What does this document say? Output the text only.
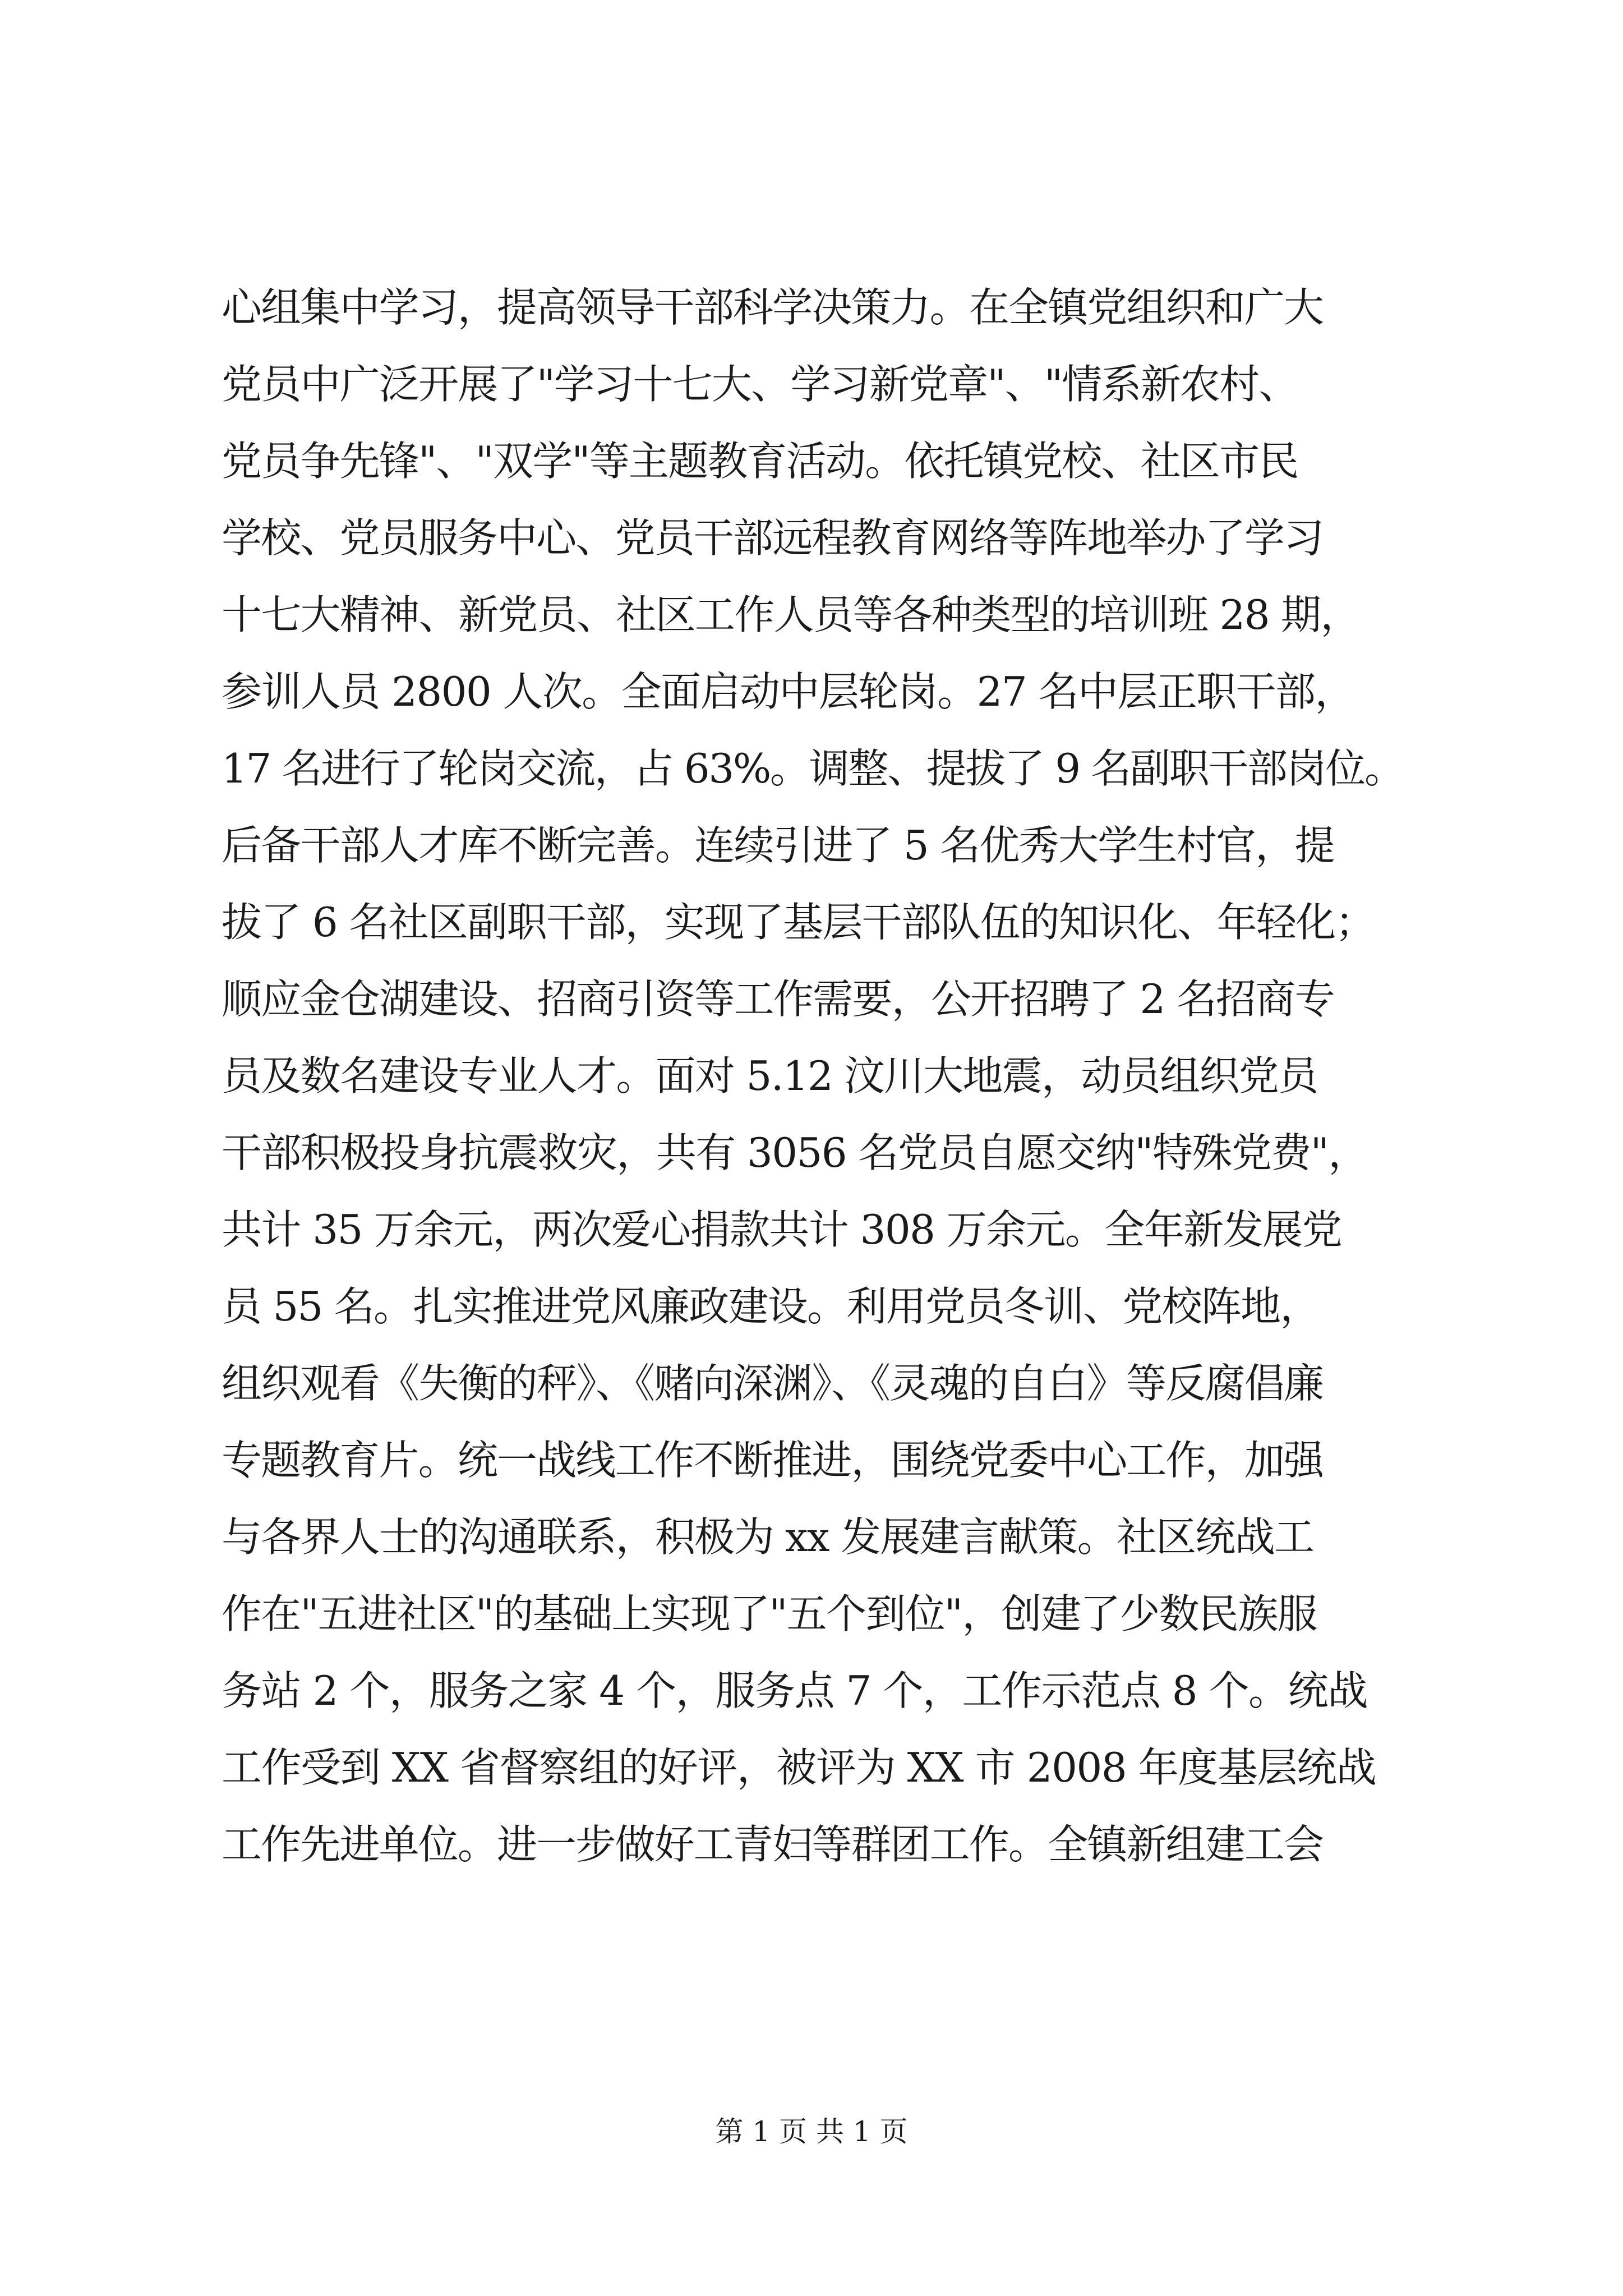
心组集中学习，提高领导干部科学决策力。在全镇党组织和广大
党员中广泛开展了"学习十七大、学习新党章"、"情系新农村、
党员争先锋"、"双学"等主题教育活动。依托镇党校、社区市民
学校、党员服务中心、党员干部远程教育网络等阵地举办了学习
十七大精神、新党员、社区工作人员等各种类型的培训班 28 期，
参训人员 2800 人次。全面启动中层轮岗。27 名中层正职干部，
17 名进行了轮岗交流，占 63%。调整、提拔了 9 名副职干部岗位。
后备干部人才库不断完善。连续引进了 5 名优秀大学生村官，提
拔了 6 名社区副职干部，实现了基层干部队伍的知识化、年轻化；
顺应金仓湖建设、招商引资等工作需要，公开招聘了 2 名招商专
员及数名建设专业人才。面对 5.12 汶川大地震，动员组织党员
干部积极投身抗震救灾，共有 3056 名党员自愿交纳"特殊党费"，
共计 35 万余元，两次爱心捐款共计 308 万余元。全年新发展党
员 55 名。扎实推进党风廉政建设。利用党员冬训、党校阵地，
组织观看《失衡的秤》、《赌向深渊》、《灵魂的自白》等反腐倡廉
专题教育片。统一战线工作不断推进，围绕党委中心工作，加强
与各界人士的沟通联系，积极为 xx 发展建言献策。社区统战工
作在"五进社区"的基础上实现了"五个到位"，创建了少数民族服
务站 2 个，服务之家 4 个，服务点 7 个，工作示范点 8 个。统战
工作受到 XX 省督察组的好评，被评为 XX 市 2008 年度基层统战
工作先进单位。进一步做好工青妇等群团工作。全镇新组建工会
第 1 页 共 1 页
